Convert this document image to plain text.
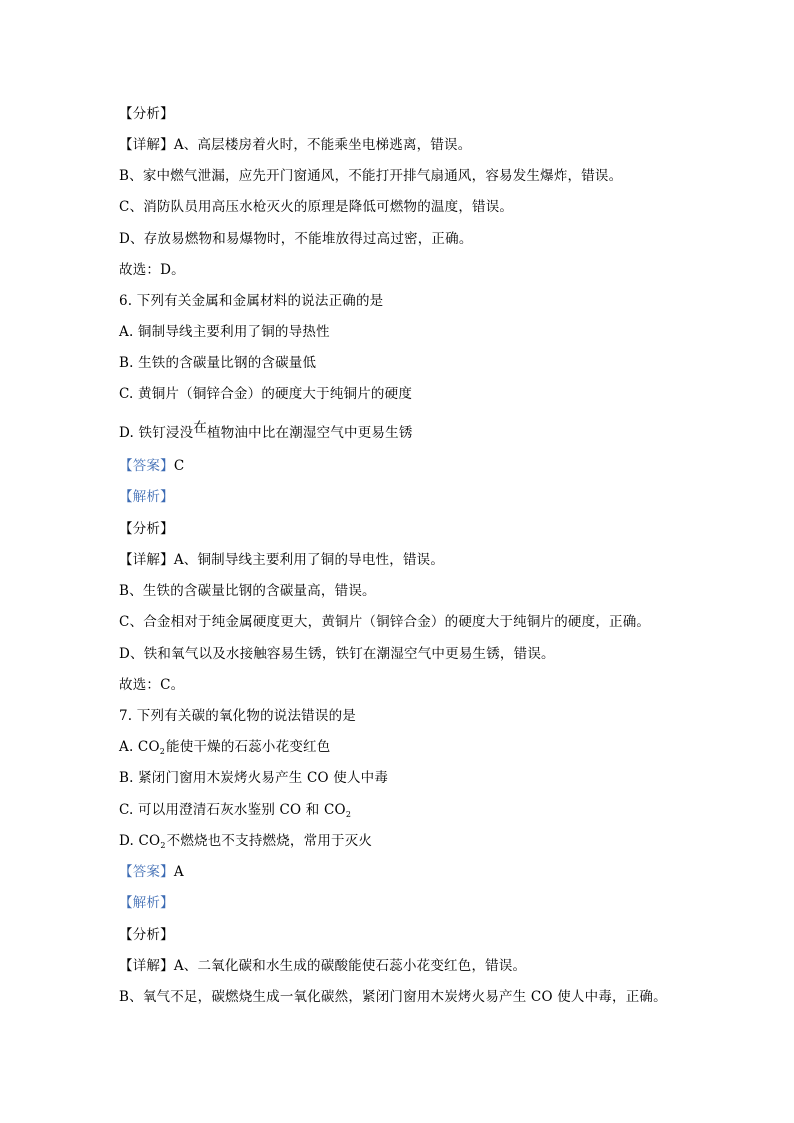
【分析】
【详解】A、高层楼房着火时，不能乘坐电梯逃离，错误。
B、家中燃气泄漏，应先开门窗通风，不能打开排气扇通风，容易发生爆炸，错误。
C、消防队员用高压水枪灭火的原理是降低可燃物的温度，错误。
D、存放易燃物和易爆物时，不能堆放得过高过密，正确。
故选：D。
6. 下列有关金属和金属材料的说法正确的是
A. 铜制导线主要利用了铜的导热性
B. 生铁的含碳量比钢的含碳量低
C. 黄铜片（铜锌合金）的硬度大于纯铜片的硬度
D. 铁钉浸没在植物油中比在潮湿空气中更易生锈
【答案】C
【解析】
【分析】
【详解】A、铜制导线主要利用了铜的导电性，错误。
B、生铁的含碳量比钢的含碳量高，错误。
C、合金相对于纯金属硬度更大，黄铜片（铜锌合金）的硬度大于纯铜片的硬度，正确。
D、铁和氧气以及水接触容易生锈，铁钉在潮湿空气中更易生锈，错误。
故选：C。
7. 下列有关碳的氧化物的说法错误的是
A. $CO_2$能使干燥的石蕊小花变红色
B. 紧闭门窗用木炭烤火易产生 CO 使人中毒
C. 可以用澄清石灰水鉴别 CO 和 $CO_2$
D. $CO_2$不燃烧也不支持燃烧，常用于灭火
【答案】A
【解析】
【分析】
【详解】A、二氧化碳和水生成的碳酸能使石蕊小花变红色，错误。
B、氧气不足，碳燃烧生成一氧化碳然，紧闭门窗用木炭烤火易产生 CO 使人中毒，正确。
